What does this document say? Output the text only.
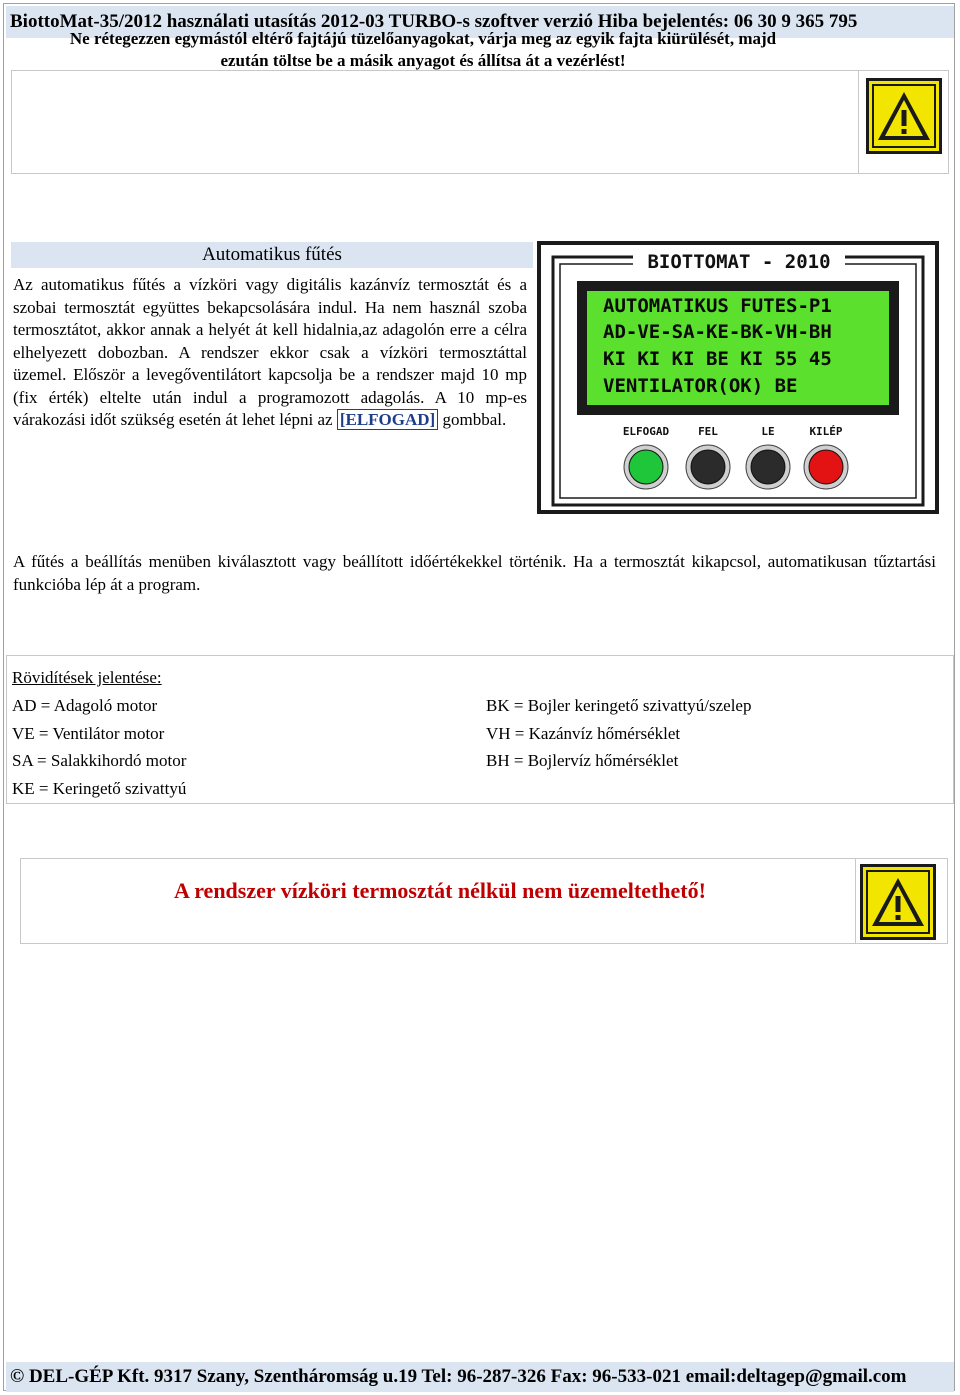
BiottoMat-35/2012 használati utasítás 2012-03 TURBO-s szoftver verzió Hiba bejelentés: 06 30 9 365 795
Ne rétegezzen egymástól eltérő fajtájú tüzelőanyagokat, várja meg az egyik fajta kiürülését, majd
ezután töltse be a másik anyagot és állítsa át a vezérlést!
Automatikus fűtés
Az automatikus fűtés a vízköri vagy digitális kazánvíz termosztát és a szobai termosztát együttes bekapcsolására indul. Ha nem használ szoba termosztátot, akkor annak a helyét át kell hidalnia,az adagolón erre a célra elhelyezett dobozban. A rendszer ekkor csak a vízköri termosztáttal üzemel. Először a levegőventilátort kapcsolja be a rendszer majd 10 mp (fix érték) eltelte után indul a programozott adagolás. A 10 mp-es várakozási időt szükség esetén át lehet lépni az [ELFOGAD] gombbal.
BIOTTOMAT - 2010
AUTOMATIKUS FUTES-P1
AD-VE-SA-KE-BK-VH-BH
KI KI KI BE KI 55 45
VENTILATOR(OK) BE
ELFOGAD	FEL	LE	KILÉP
A fűtés a beállítás menüben kiválasztott vagy beállított időértékekkel történik. Ha a termosztát kikapcsol, automatikusan tűztartási funkcióba lép át a program.
Rövidítések jelentése:
AD = Adagoló motor
VE = Ventilátor motor
SA = Salakkihordó motor
KE = Keringető szivattyú
BK = Bojler keringető szivattyú/szelep
VH = Kazánvíz hőmérséklet
BH = Bojlervíz hőmérséklet
A rendszer vízköri termosztát nélkül nem üzemeltethető!
© DEL-GÉP Kft. 9317 Szany, Szentháromság u.19 Tel: 96-287-326 Fax: 96-533-021 email:deltagep@gmail.com
